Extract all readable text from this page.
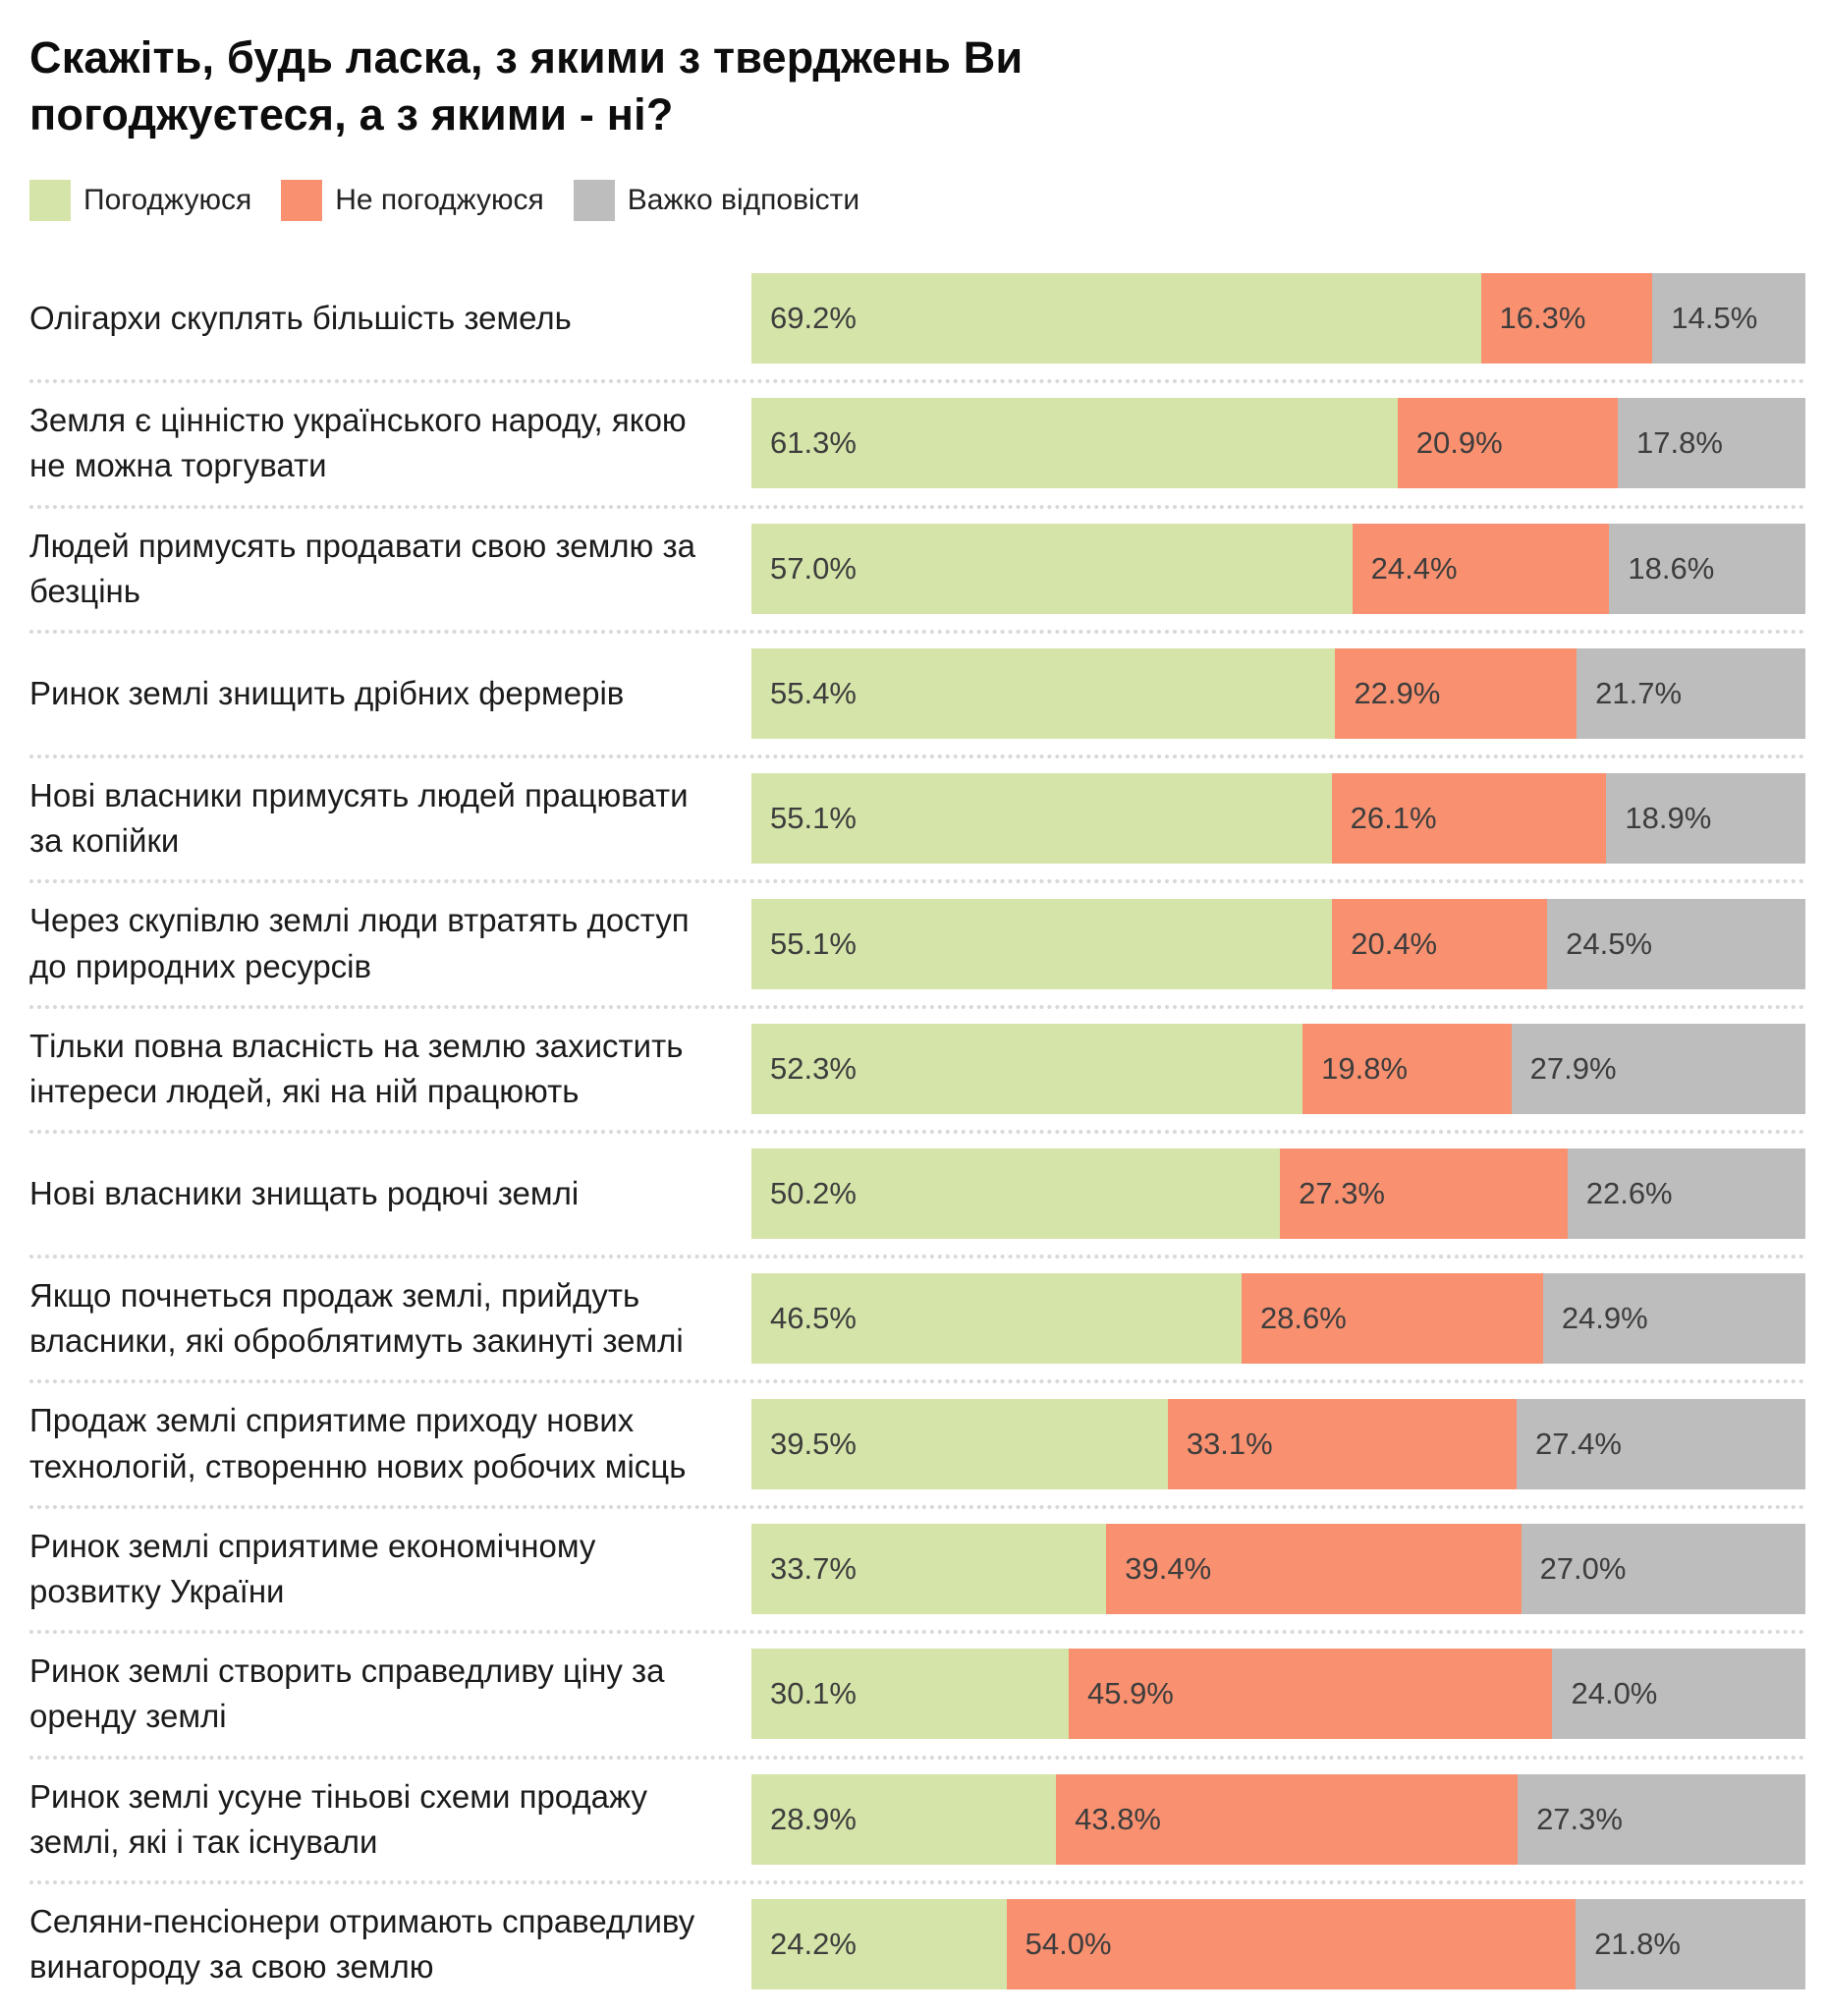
Скажіть, будь ласка, з якими з тверджень Ви
погоджуєтеся, а з якими - ні?
Погоджуюся	Не погоджуюся	Важко відповісти
Олігархи скуплять більшість земель	69.2%	16.3%	14.5%
Земля є цінністю українського народу, якою не можна торгувати
61.3%	20.9%	17.8%
Людей примусять продавати свою землю за безцінь
57.0%	24.4%	18.6%
Ринок землі знищить дрібних фермерів	55.4%	22.9%	21.7%
Нові власники примусять людей працювати за копійки
55.1%	26.1%	18.9%
Через скупівлю землі люди втратять доступ до природних ресурсів
55.1%	20.4%	24.5%
Тільки повна власність на землю захистить інтереси людей, які на ній працюють
52.3%	19.8%	27.9%
Нові власники знищать родючі землі	50.2%	27.3%	22.6%
Якщо почнеться продаж землі, прийдуть власники, які оброблятимуть закинуті землі
46.5%	28.6%	24.9%
Продаж землі сприятиме приходу нових технологій, створенню нових робочих місць
39.5%	33.1%	27.4%
Ринок землі сприятиме економічному розвитку України
33.7%	39.4%	27.0%
Ринок землі створить справедливу ціну за оренду землі
30.1%	45.9%	24.0%
Ринок землі усуне тіньові схеми продажу землі, які і так існували
28.9%	43.8%	27.3%
Селяни-пенсіонери отримають справедливу винагороду за свою землю
24.2%	54.0%	21.8%
